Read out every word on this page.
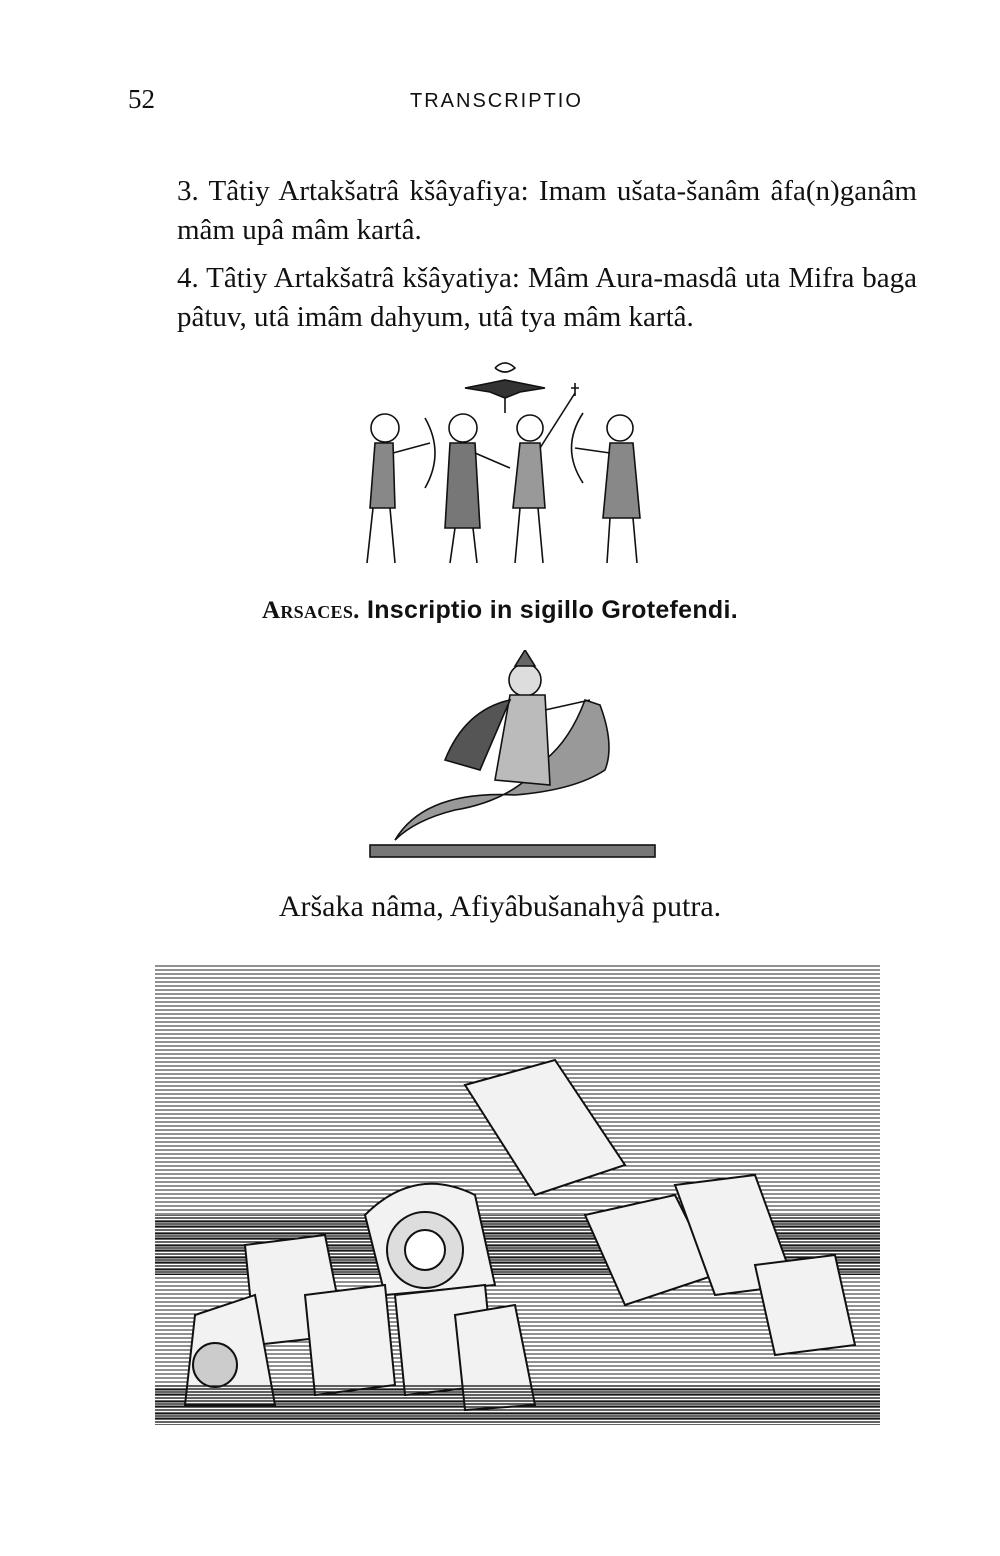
52	TRANSCRIPTIO

3. Tâtiy Artakšatrâ kšâyafiya: Imam ušata-šanâm âfa(n)ganâm mâm upâ mâm kartâ.

4. Tâtiy Artakšatrâ kšâyatiya: Mâm Aura-masdâ uta Mifra baga pâtuv, utâ imâm dahyum, utâ tya mâm kartâ.

Arsaces. Inscriptio in sigillo Grotefendi.
Aršaka nâma, Afiyâbušanahyâ putra.
